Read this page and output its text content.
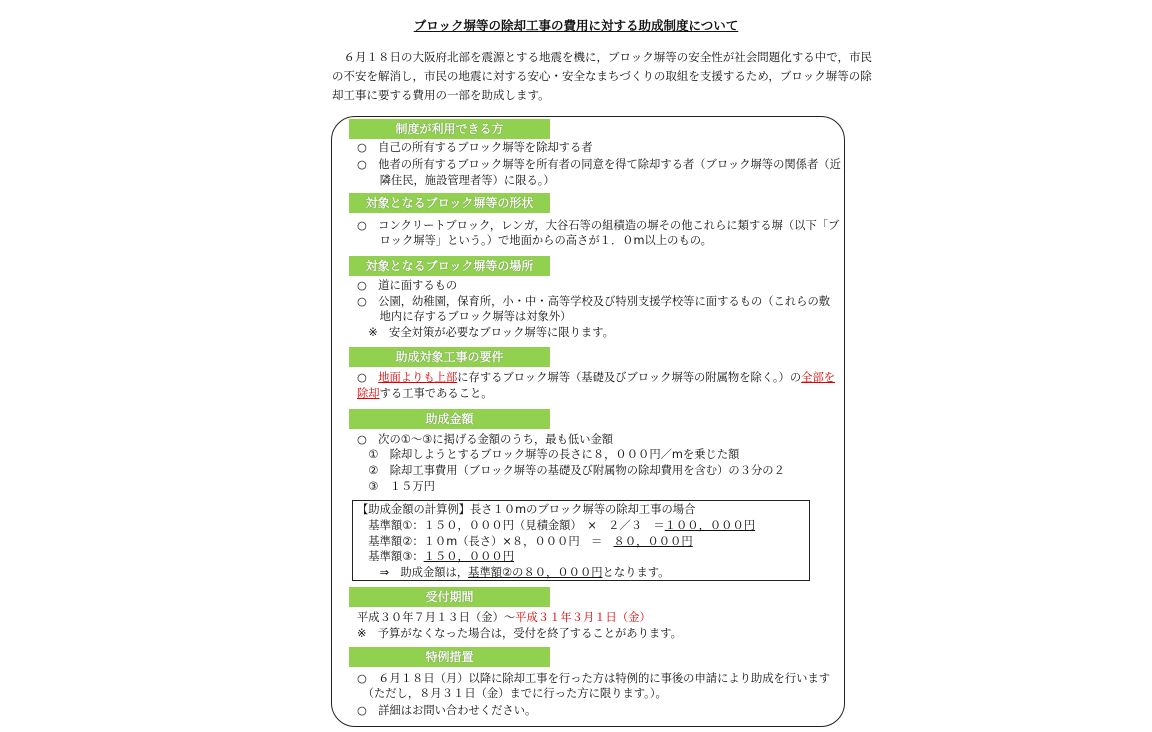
ブロック塀等の除却工事の費用に対する助成制度について
　６月１８日の大阪府北部を震源とする地震を機に，ブロック塀等の安全性が社会問題化する中で，市民
の不安を解消し，市民の地震に対する安心・安全なまちづくりの取組を支援するため，ブロック塀等の除
却工事に要する費用の一部を助成します。
制度が利用できる方
○　自己の所有するブロック塀等を除却する者
○　他者の所有するブロック塀等を所有者の同意を得て除却する者（ブロック塀等の関係者（近
　　隣住民，施設管理者等）に限る。）
対象となるブロック塀等の形状
○　コンクリートブロック，レンガ，大谷石等の組積造の塀その他これらに類する塀（以下「ブ
　　ロック塀等」という。）で地面からの高さが１．０m以上のもの。
対象となるブロック塀等の場所
○　道に面するもの
○　公園，幼稚園，保育所，小・中・高等学校及び特別支援学校等に面するもの（これらの敷
　　地内に存するブロック塀等は対象外）
　※　安全対策が必要なブロック塀等に限ります。
助成対象工事の要件
○　地面よりも上部に存するブロック塀等（基礎及びブロック塀等の附属物を除く。）の全部を
除却する工事であること。
助成金額
○　次の①～③に掲げる金額のうち，最も低い金額
　①　除却しようとするブロック塀等の長さに８，０００円／mを乗じた額
　②　除却工事費用（ブロック塀等の基礎及び附属物の除却費用を含む）の３分の２
　③　１５万円
【助成金額の計算例】長さ１０mのブロック塀等の除却工事の場合
　基準額①：１５０，０００円（見積金額）　×　２／３　＝１００，０００円
　基準額②：１０m（長さ）×８，０００円　＝　８０，０００円
　基準額③：１５０，０００円
　　⇒　助成金額は，基準額②の８０，０００円となります。
受付期間
平成３０年７月１３日（金）～平成３１年３月１日（金）
※　予算がなくなった場合は，受付を終了することがあります。
特例措置
○　６月１８日（月）以降に除却工事を行った方は特例的に事後の申請により助成を行います
　（ただし，８月３１日（金）までに行った方に限ります。）。
○　詳細はお問い合わせください。
